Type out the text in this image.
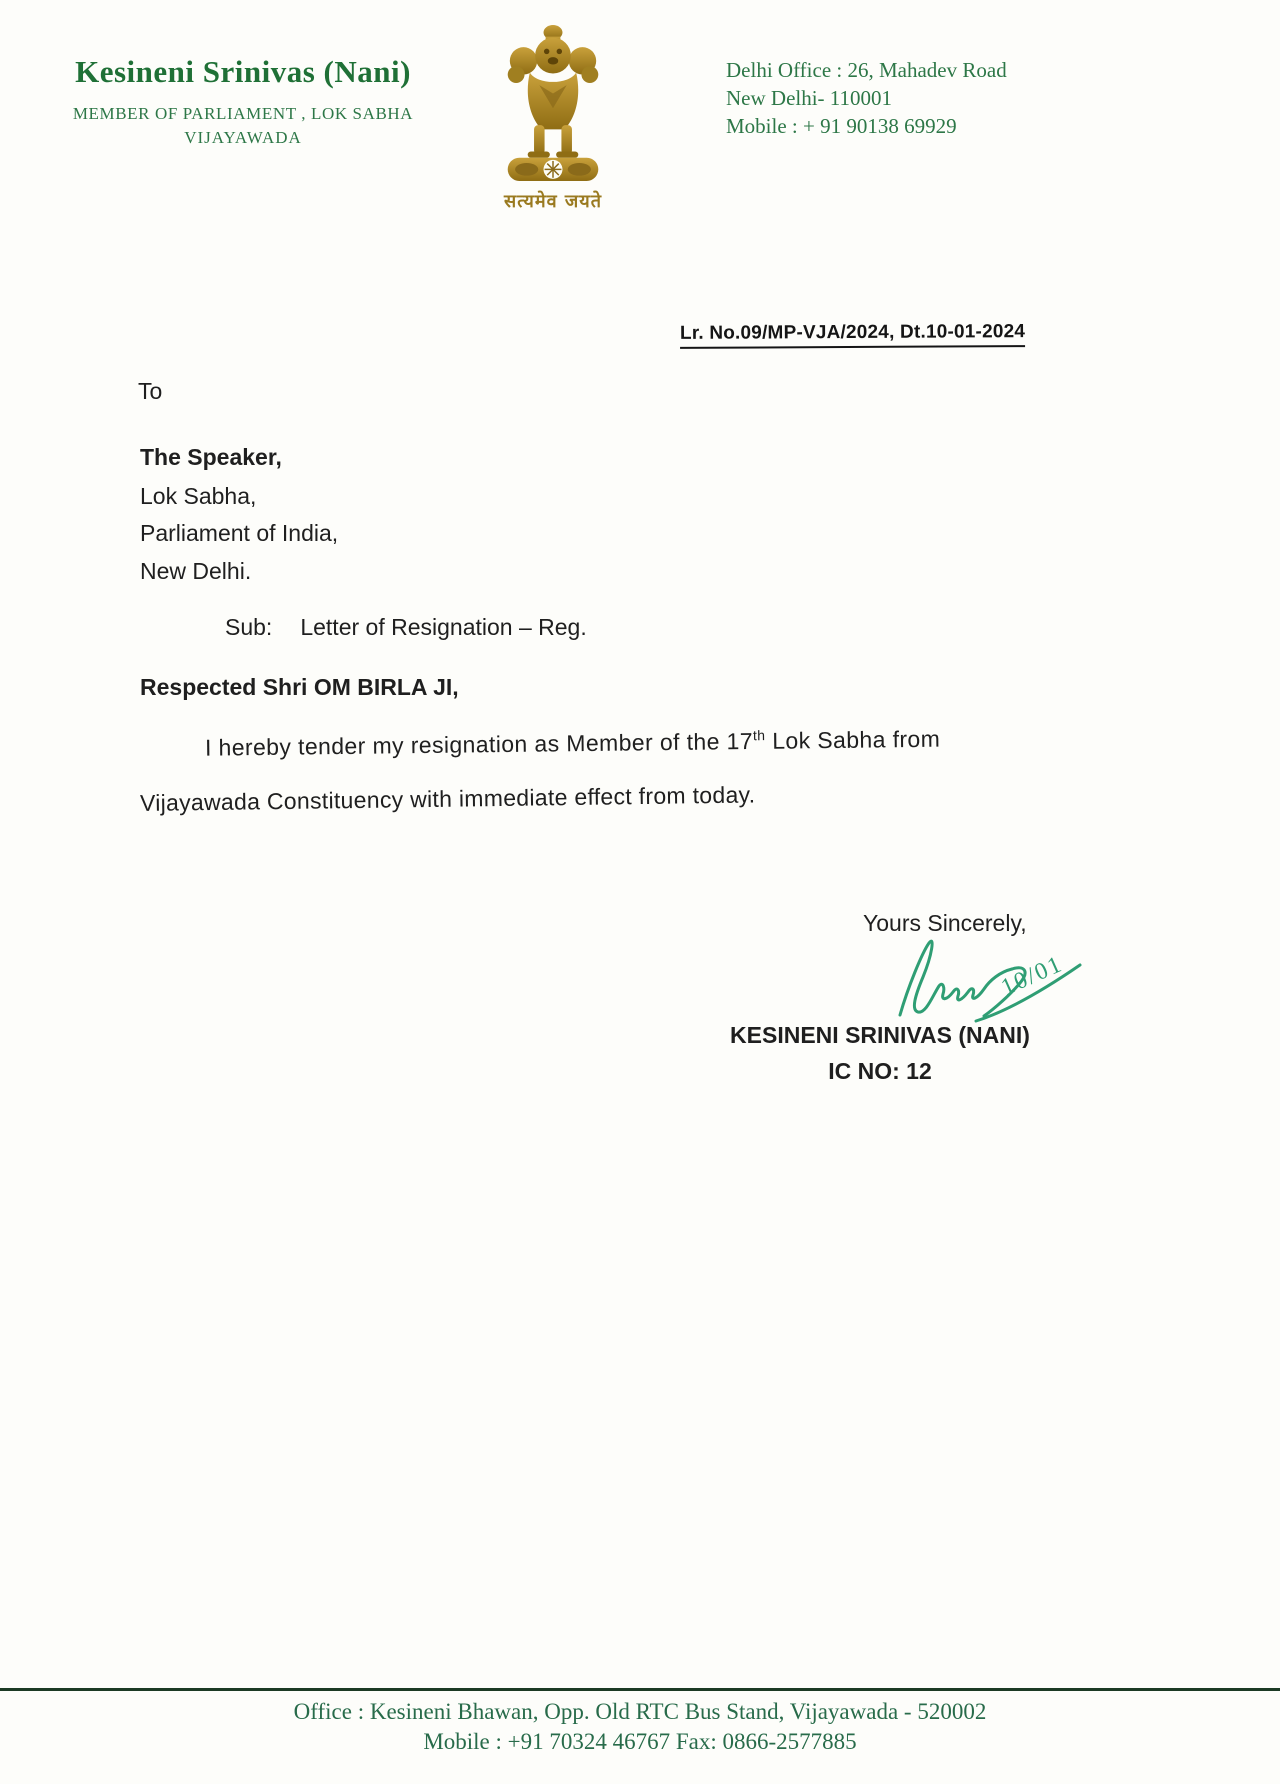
Kesineni Srinivas (Nani)
MEMBER OF PARLIAMENT , LOK SABHA
VIJAYAWADA
सत्यमेव जयते
Delhi Office : 26, Mahadev Road
New Delhi- 110001
Mobile : + 91 90138 69929
Lr. No.09/MP-VJA/2024, Dt.10-01-2024
To
The Speaker,
Lok Sabha,
Parliament of India,
New Delhi.
Sub: Letter of Resignation – Reg.
Respected Shri OM BIRLA JI,
I hereby tender my resignation as Member of the 17th Lok Sabha from
Vijayawada Constituency with immediate effect from today.
Yours Sincerely,
10/01
KESINENI SRINIVAS (NANI)
IC NO: 12
Office : Kesineni Bhawan, Opp. Old RTC Bus Stand, Vijayawada - 520002
Mobile : +91 70324 46767 Fax: 0866-2577885
